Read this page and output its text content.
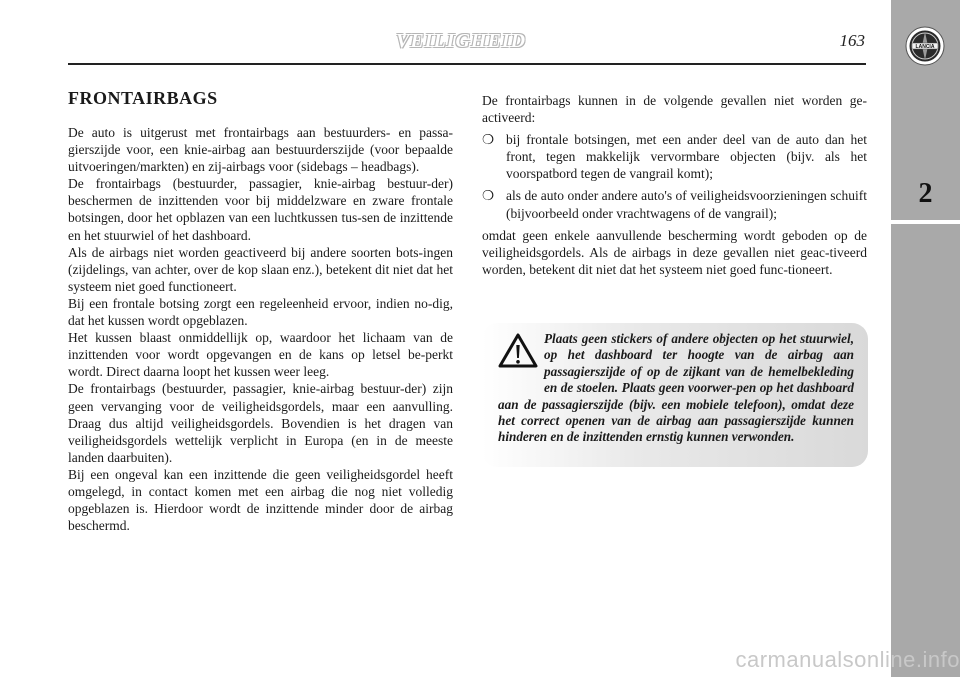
VEILIGHEID	163
2
LANCIA
FRONTAIRBAGS

De auto is uitgerust met frontairbags aan bestuurders- en passa-gierszijde voor, een knie-airbag aan bestuurderszijde (voor bepaalde uitvoeringen/markten) en zij-airbags voor (sidebags – headbags).

De frontairbags (bestuurder, passagier, knie-airbag bestuur-der) beschermen de inzittenden voor bij middelzware en zware frontale botsingen, door het opblazen van een luchtkussen tus-sen de inzittende en het stuurwiel of het dashboard.

Als de airbags niet worden geactiveerd bij andere soorten bots-ingen (zijdelings, van achter, over de kop slaan enz.), betekent dit niet dat het systeem niet goed functioneert.

Bij een frontale botsing zorgt een regeleenheid ervoor, indien no-dig, dat het kussen wordt opgeblazen.

Het kussen blaast onmiddellijk op, waardoor het lichaam van de inzittenden voor wordt opgevangen en de kans op letsel be-perkt wordt. Direct daarna loopt het kussen weer leeg.

De frontairbags (bestuurder, passagier, knie-airbag bestuur-der) zijn geen vervanging voor de veiligheidsgordels, maar een aanvulling. Draag dus altijd veiligheidsgordels. Bovendien is het dragen van veiligheidsgordels wettelijk verplicht in Europa (en in de meeste landen daarbuiten).

Bij een ongeval kan een inzittende die geen veiligheidsgordel heeft omgelegd, in contact komen met een airbag die nog niet volledig opgeblazen is. Hierdoor wordt de inzittende minder door de airbag beschermd.

De frontairbags kunnen in de volgende gevallen niet worden ge-activeerd:

❍ bij frontale botsingen, met een ander deel van de auto dan het front, tegen makkelijk vervormbare objecten (bijv. als het voorspatbord tegen de vangrail komt);
❍ als de auto onder andere auto's of veiligheidsvoorzieningen schuift (bijvoorbeeld onder vrachtwagens of de vangrail);

omdat geen enkele aanvullende bescherming wordt geboden op de veiligheidsgordels. Als de airbags in deze gevallen niet geac-tiveerd worden, betekent dit niet dat het systeem niet goed func-tioneert.

Plaats geen stickers of andere objecten op het stuurwiel, op het dashboard ter hoogte van de airbag aan passagierszijde of op de zijkant van de hemelbekleding en de stoelen. Plaats geen voorwer-pen op het dashboard aan de passagierszijde (bijv. een mobiele telefoon), omdat deze het correct openen van de airbag aan passagierszijde kunnen hinderen en de inzittenden ernstig kunnen verwonden.
carmanualsonline.info
